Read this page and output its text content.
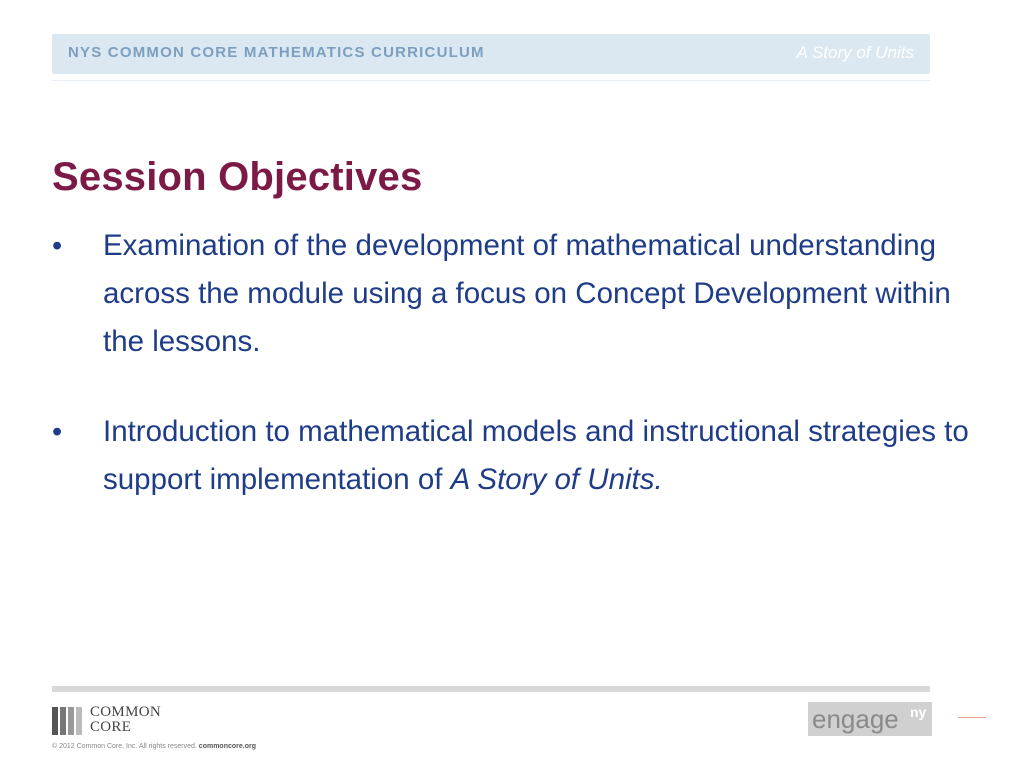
NYS COMMON CORE MATHEMATICS CURRICULUM	A Story of Units
Session Objectives
• Examination of the development of mathematical understanding across the module using a focus on Concept Development within the lessons.
• Introduction to mathematical models and instructional strategies to support implementation of A Story of Units.
COMMON
CORE
© 2012 Common Core, Inc. All rights reserved. commoncore.org
engage ny
